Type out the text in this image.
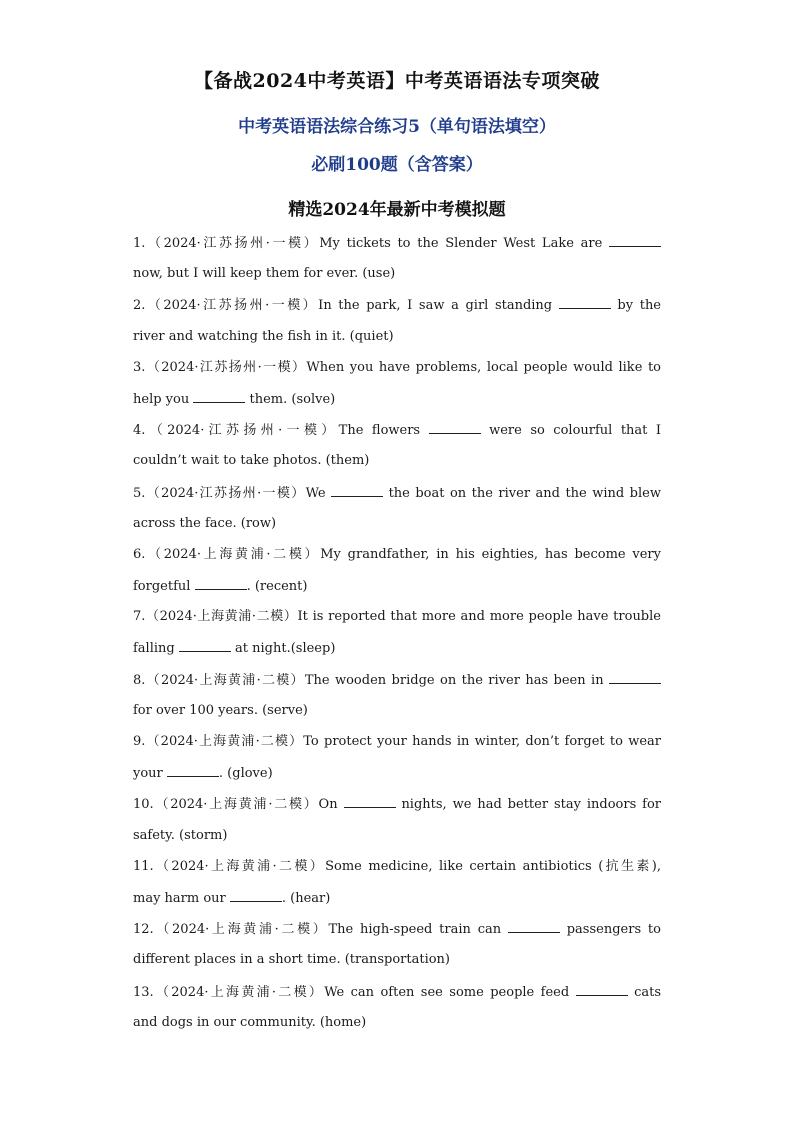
【备战2024中考英语】中考英语语法专项突破
中考英语语法综合练习5（单句语法填空）
必刷100题（含答案）
精选2024年最新中考模拟题
1.（2024·江苏扬州·一模）My tickets to the Slender West Lake are
now, but I will keep them for ever. (use)
2.（2024·江苏扬州·一模）In the park, I saw a girl standing	by the
river and watching the fish in it. (quiet)
3.（2024·江苏扬州·一模）When you have problems, local people would like to
help you	them. (solve)
4.（2024·江苏扬州·一模）The flowers	were so colourful that I
couldn’t wait to take photos. (them)
5.（2024·江苏扬州·一模）We	the boat on the river and the wind blew
across the face. (row)
6.（2024·上海黄浦·二模）My grandfather, in his eighties, has become very
forgetful	. (recent)
7.（2024·上海黄浦·二模）It is reported that more and more people have trouble
falling	at night.(sleep)
8.（2024·上海黄浦·二模）The wooden bridge on the river has been in
for over 100 years. (serve)
9.（2024·上海黄浦·二模）To protect your hands in winter, don’t forget to wear
your	. (glove)
10.（2024·上海黄浦·二模）On	nights, we had better stay indoors for
safety. (storm)
11.（2024·上海黄浦·二模）Some medicine, like certain antibiotics (抗生素),
may harm our	. (hear)
12.（2024·上海黄浦·二模）The high-speed train can	passengers to
different places in a short time. (transportation)
13.（2024·上海黄浦·二模）We can often see some people feed	cats
and dogs in our community. (home)
